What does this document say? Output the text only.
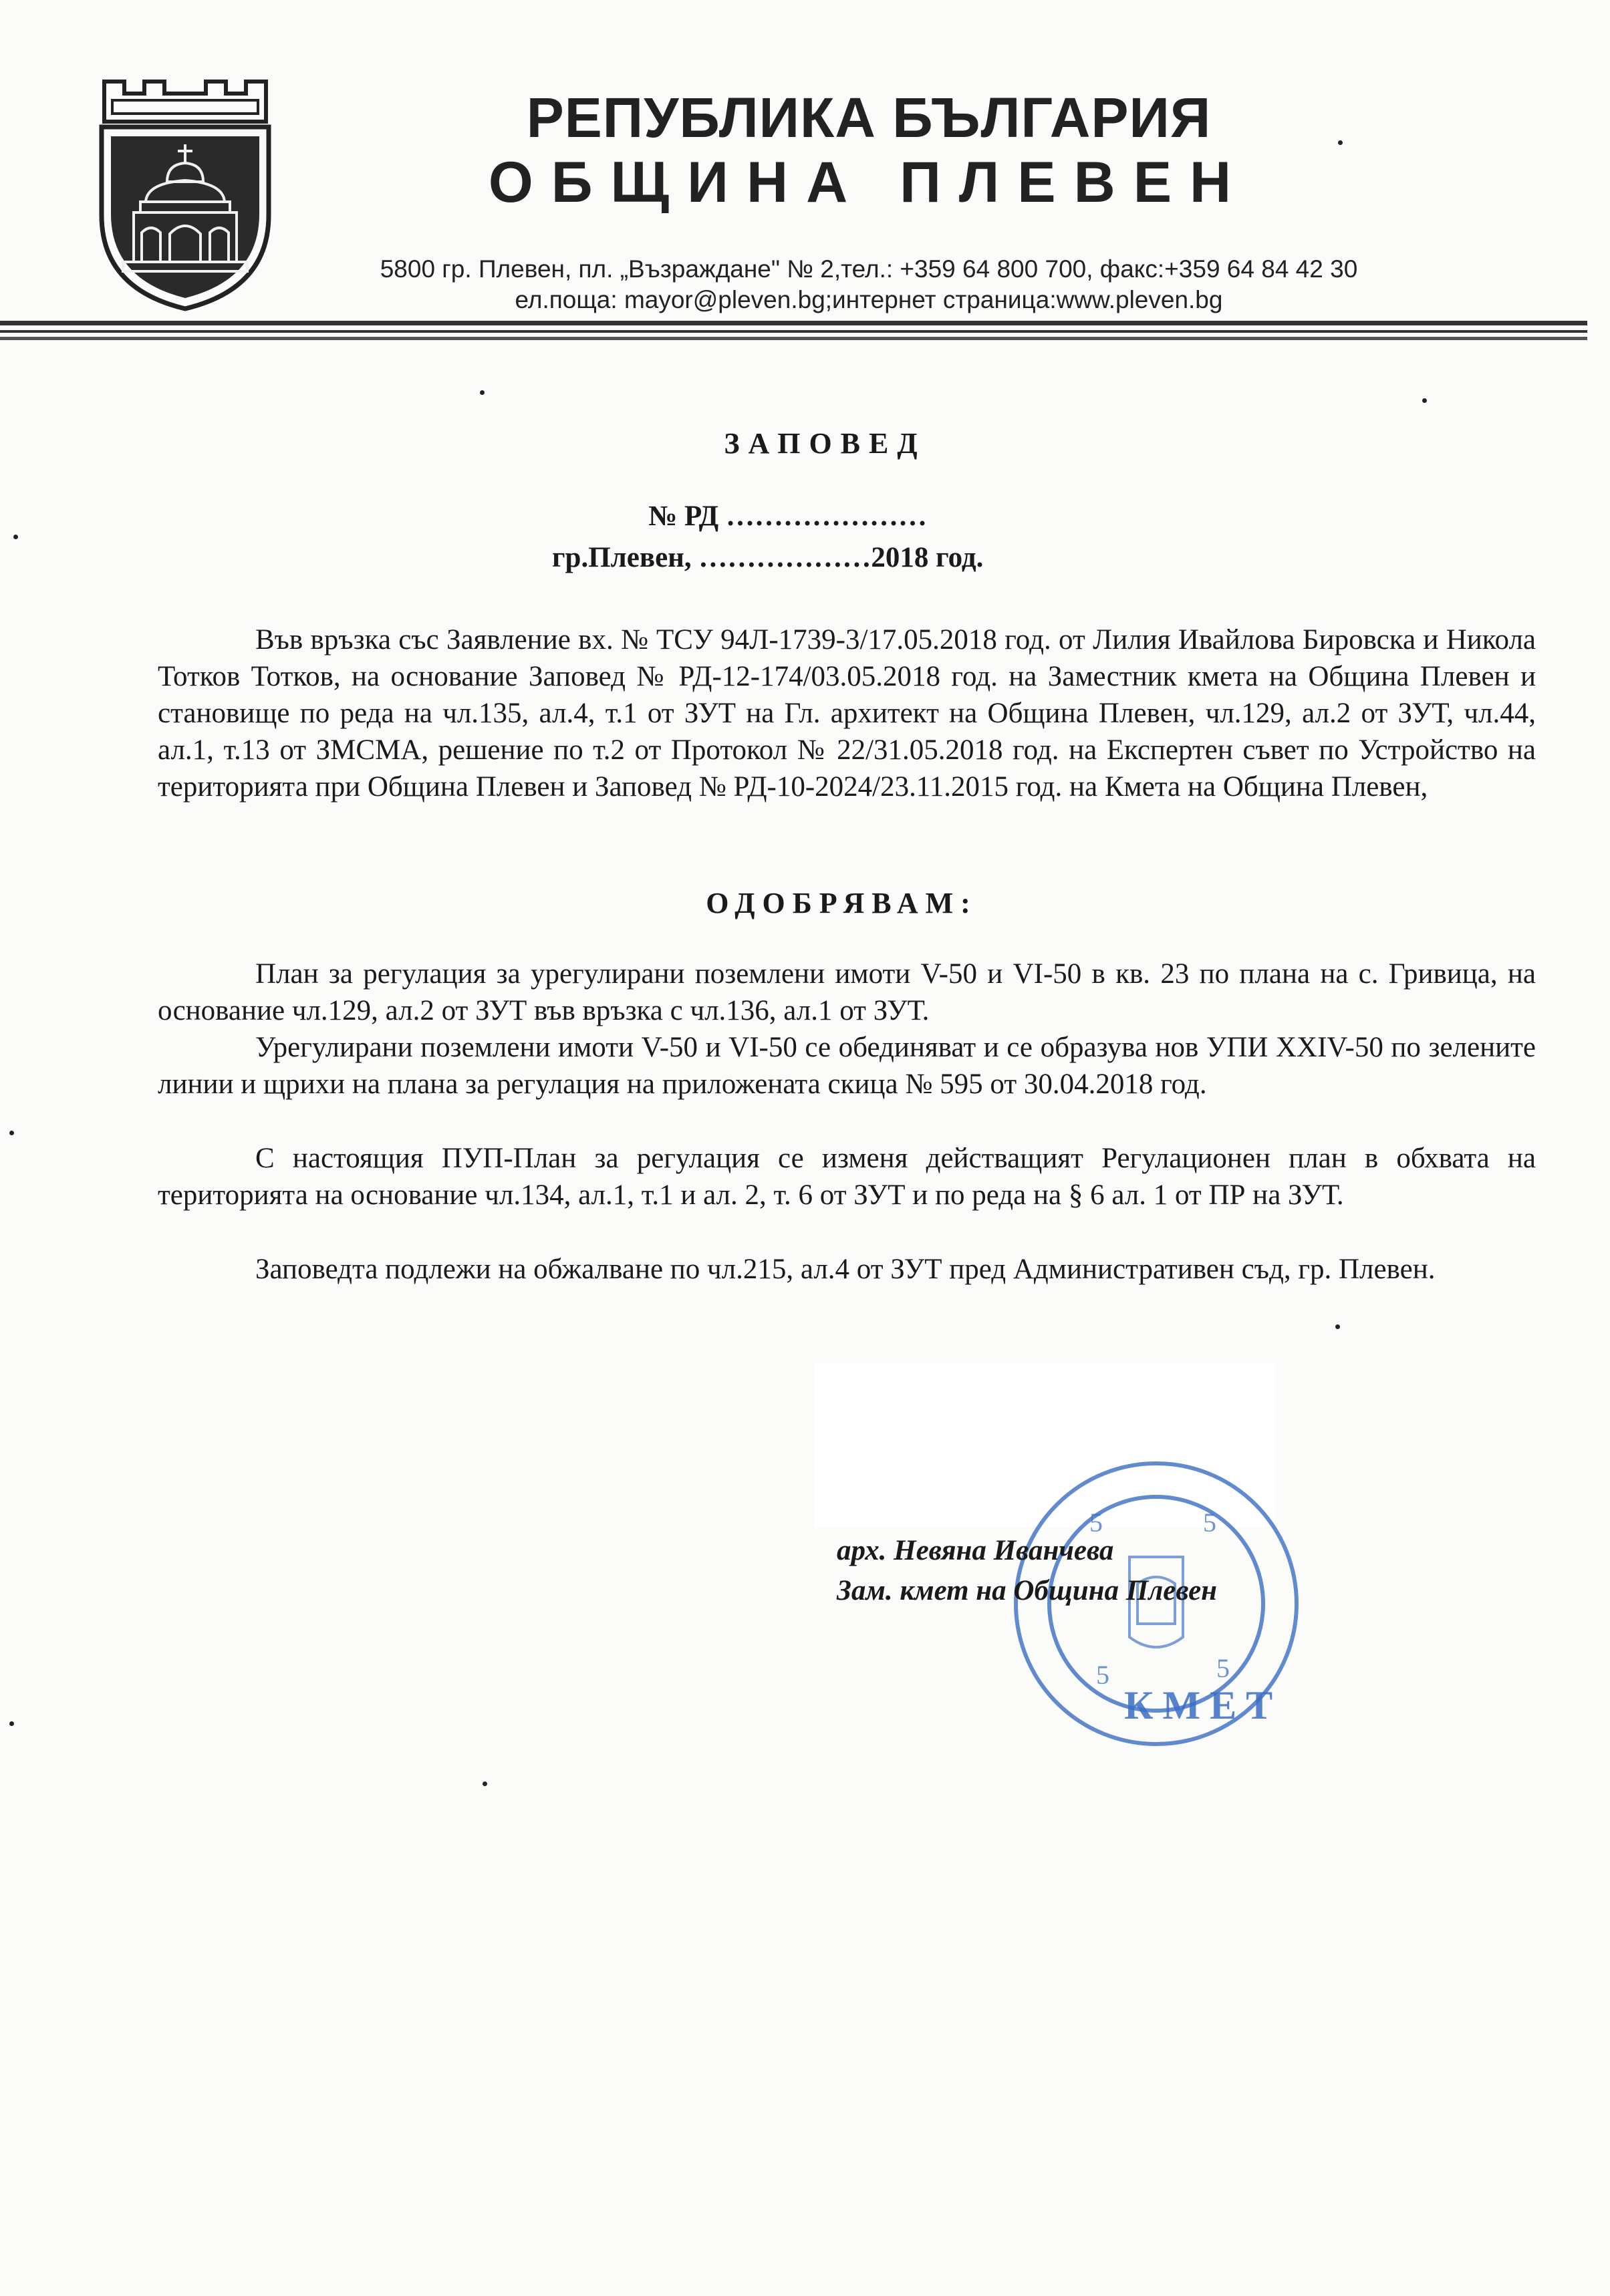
РЕПУБЛИКА БЪЛГАРИЯ
ОБЩИНА ПЛЕВЕН
5800 гр. Плевен, пл. „Възраждане" № 2,тел.: +359 64 800 700, факс:+359 64 84 42 30
ел.поща: mayor@pleven.bg;интернет страница:www.pleven.bg
ЗАПОВЕД
№ РД …………………
гр.Плевен, ………………2018 год.

Във връзка със Заявление вх. № ТСУ 94Л-1739-3/17.05.2018 год. от Лилия Ивайлова Бировска и Никола Тотков Тотков, на основание Заповед № РД-12-174/03.05.2018 год. на Заместник кмета на Община Плевен и становище по реда на чл.135, ал.4, т.1 от ЗУТ на Гл. архитект на Община Плевен, чл.129, ал.2 от ЗУТ, чл.44, ал.1, т.13 от ЗМСМА, решение по т.2 от Протокол № 22/31.05.2018 год. на Експертен съвет по Устройство на територията при Община Плевен и Заповед № РД-10-2024/23.11.2015 год. на Кмета на Община Плевен,

ОДОБРЯВАМ:

План за регулация за урегулирани поземлени имоти V-50 и VI-50 в кв. 23 по плана на с. Гривица, на основание чл.129, ал.2 от ЗУТ във връзка с чл.136, ал.1 от ЗУТ.

Урегулирани поземлени имоти V-50 и VI-50 се обединяват и се образува нов УПИ XXIV-50 по зелените линии и щрихи на плана за регулация на приложената скица № 595 от 30.04.2018 год.

С настоящия ПУП-План за регулация се изменя действащият Регулационен план в обхвата на територията на основание чл.134, ал.1, т.1 и ал. 2, т. 6 от ЗУТ и по реда на § 6 ал. 1 от ПР на ЗУТ.

Заповедта подлежи на обжалване по чл.215, ал.4 от ЗУТ пред Административен съд, гр. Плевен.

5	5
5	5
КМЕТ
арх. Невяна Иванчева
Зам. кмет на Община Плевен
